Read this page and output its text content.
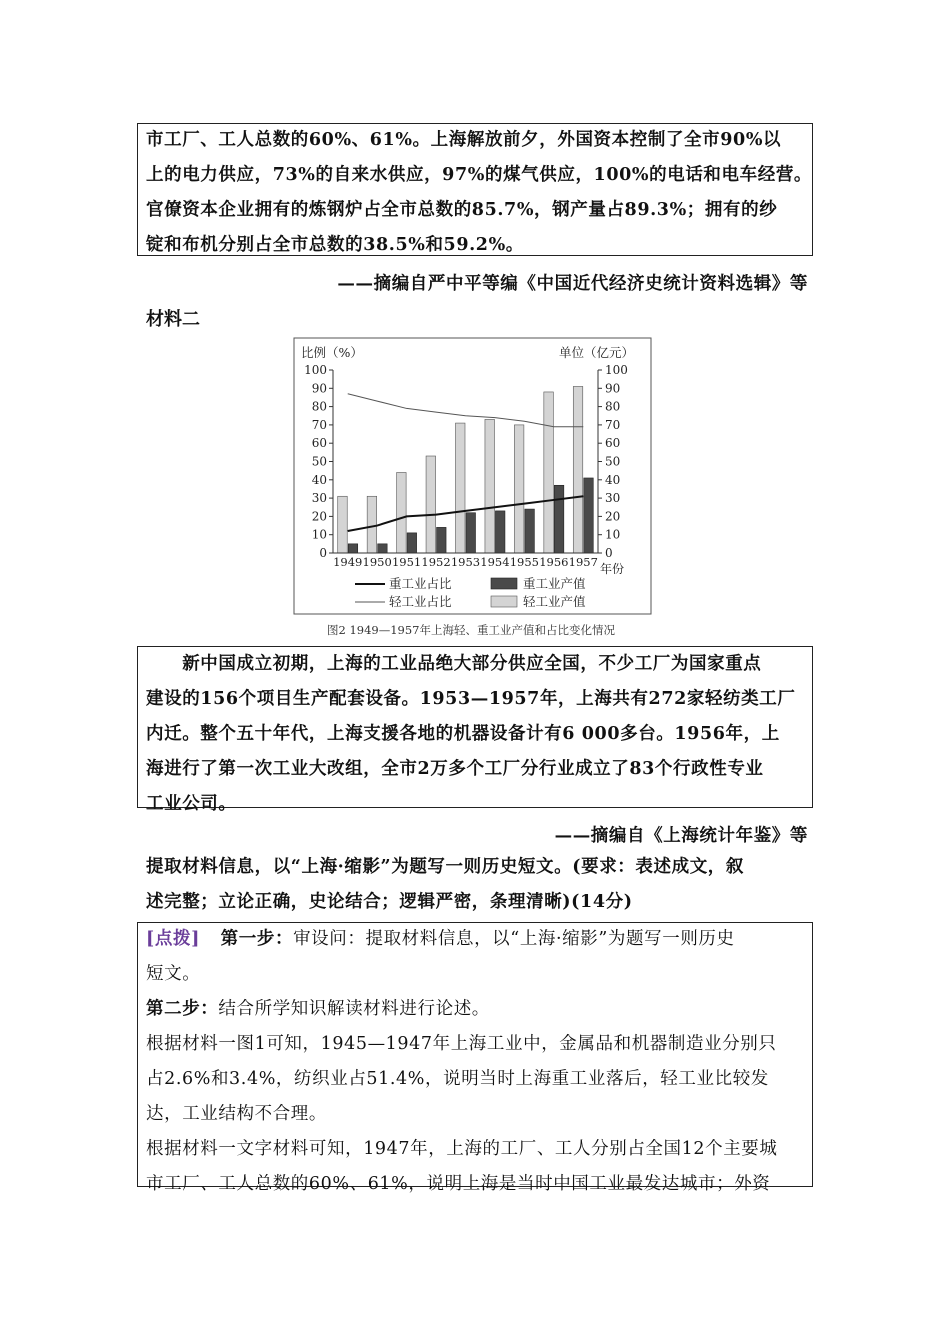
市工厂、工人总数的60%、61%。上海解放前夕，外国资本控制了全市90%以
上的电力供应，73%的自来水供应，97%的煤气供应，100%的电话和电车经营。
官僚资本企业拥有的炼钢炉占全市总数的85.7%，钢产量占89.3%；拥有的纱
锭和布机分别占全市总数的38.5%和59.2%。
——摘编自严中平等编《中国近代经济史统计资料选辑》等
材料二
比例（%）	单位（亿元）
0	0
10	10
20	20
30	30
40	40
50	50
60	60
70	70
80	80
90	90
100	100
1949 1950 1951 1952 1953 1954 1955 1956 1957 年份
重工业占比	重工业产值
轻工业占比	轻工业产值
图2 1949—1957年上海轻、重工业产值和占比变化情况
　　新中国成立初期，上海的工业品绝大部分供应全国，不少工厂为国家重点
建设的156个项目生产配套设备。1953—1957年，上海共有272家轻纺类工厂
内迁。整个五十年代，上海支援各地的机器设备计有6 000多台。1956年，上
海进行了第一次工业大改组，全市2万多个工厂分行业成立了83个行政性专业
工业公司。
——摘编自《上海统计年鉴》等
提取材料信息，以“上海·缩影”为题写一则历史短文。(要求：表述成文，叙
述完整；立论正确，史论结合；逻辑严密，条理清晰)(14分)
[点拨] 第一步：审设问：提取材料信息，以“上海·缩影”为题写一则历史
短文。
第二步：结合所学知识解读材料进行论述。
根据材料一图1可知，1945—1947年上海工业中，金属品和机器制造业分别只
占2.6%和3.4%，纺织业占51.4%，说明当时上海重工业落后，轻工业比较发
达，工业结构不合理。
根据材料一文字材料可知，1947年，上海的工厂、工人分别占全国12个主要城
市工厂、工人总数的60%、61%，说明上海是当时中国工业最发达城市；外资
